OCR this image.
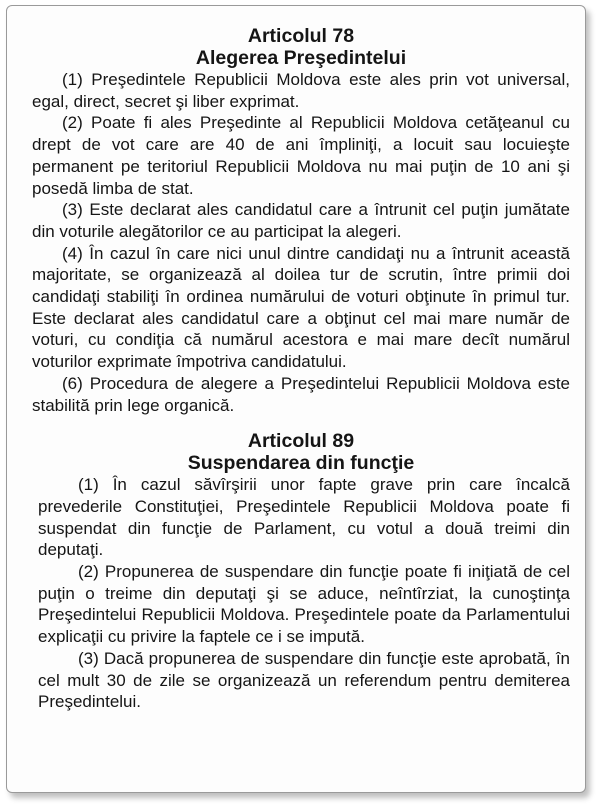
Articolul 78
Alegerea Preşedintelui

(1) Preşedintele Republicii Moldova este ales prin vot universal, egal, direct, secret şi liber exprimat.

(2) Poate fi ales Preşedinte al Republicii Moldova cetăţeanul cu drept de vot care are 40 de ani împliniţi, a locuit sau locuieşte permanent pe teritoriul Republicii Moldova nu mai puţin de 10 ani şi posedă limba de stat.

(3) Este declarat ales candidatul care a întrunit cel puţin jumătate din voturile alegătorilor ce au participat la alegeri.

(4) În cazul în care nici unul dintre candidaţi nu a întrunit această majoritate, se organizează al doilea tur de scrutin, între primii doi candidaţi stabiliţi în ordinea numărului de voturi obţinute în primul tur. Este declarat ales candidatul care a obţinut cel mai mare număr de voturi, cu condiţia că numărul acestora e mai mare decît numărul voturilor exprimate împotriva candidatului.

(6) Procedura de alegere a Preşedintelui Republicii Moldova este stabilită prin lege organică.

Articolul 89
Suspendarea din funcţie

(1) În cazul săvîrşirii unor fapte grave prin care încalcă prevederile Constituţiei, Preşedintele Republicii Moldova poate fi suspendat din funcţie de Parlament, cu votul a două treimi din deputaţi.

(2) Propunerea de suspendare din funcţie poate fi iniţiată de cel puţin o treime din deputaţi şi se aduce, neîntîrziat, la cunoştinţa Preşedintelui Republicii Moldova. Preşedintele poate da Parlamentului explicaţii cu privire la faptele ce i se impută.

(3) Dacă propunerea de suspendare din funcţie este aprobată, în cel mult 30 de zile se organizează un referendum pentru demiterea Preşedintelui.
